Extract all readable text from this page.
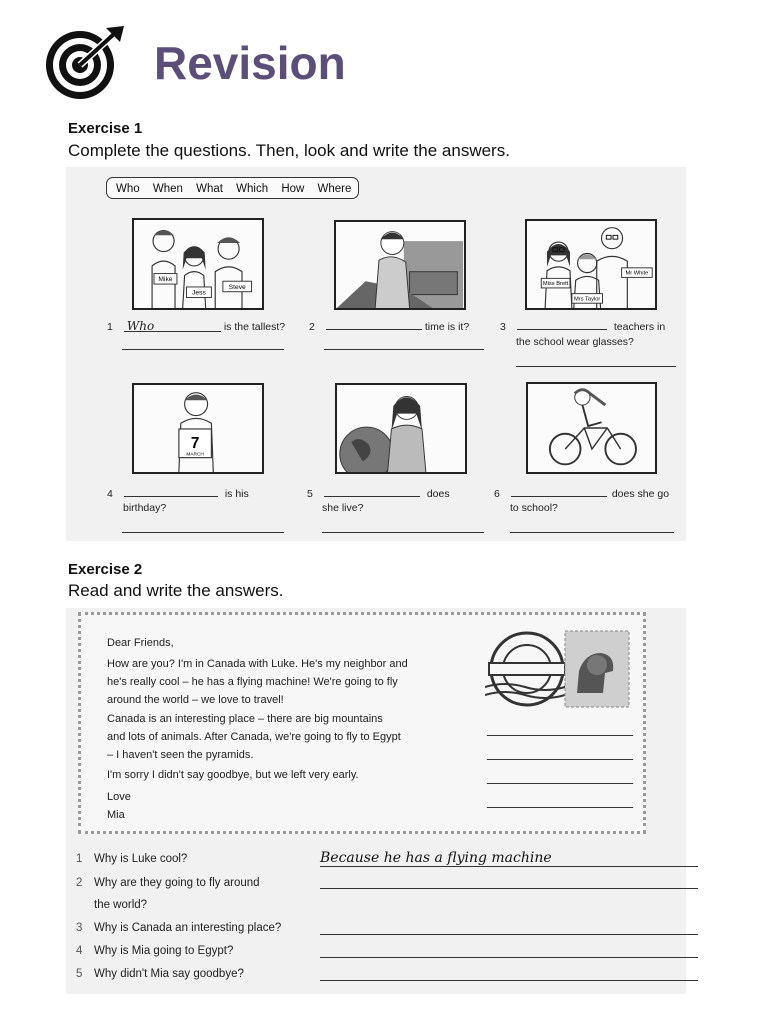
Revision
Exercise 1
Complete the questions. Then, look and write the answers.
Who When What Which How Where
Mike
Jess
Steve	Miss Brett
Mrs Taylor
Mr White
7
MARCH
1 Who	is the tallest? 2	time is it?	3	teachers in
the school wear glasses?
4	is his
birthday?
5	does
she live?
6	does she go
to school?
Exercise 2
Read and write the answers.
Dear Friends,
How are you? I'm in Canada with Luke. He's my neighbor and
he's really cool – he has a flying machine! We're going to fly
around the world – we love to travel!
Canada is an interesting place – there are big mountains
and lots of animals. After Canada, we're going to fly to Egypt
– I haven't seen the pyramids.
I'm sorry I didn't say goodbye, but we left very early.
Love
Mia
1 Why is Luke cool?	Because he has a flying machine
2 Why are they going to fly around
the world?
3 Why is Canada an interesting place?
4 Why is Mia going to Egypt?
5 Why didn't Mia say goodbye?
